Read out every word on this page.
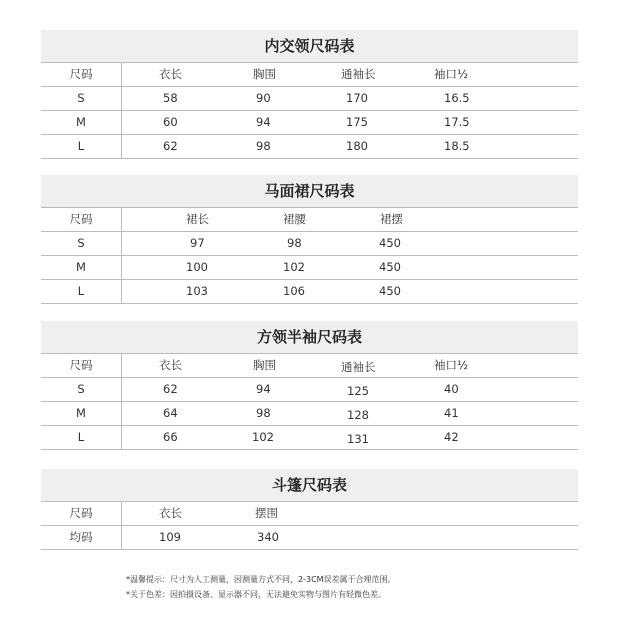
内交领尺码表
尺码	衣长	胸围	通袖长	袖口½
S	58	90	170	16.5
M	60	94	175	17.5
L	62	98	180	18.5
马面裙尺码表
尺码	裙长	裙腰	裙摆
S	97	98	450
M	100	102	450
L	103	106	450
方领半袖尺码表
尺码	衣长	胸围	通袖长	袖口½
S	62	94	125	40
M	64	98	128	41
L	66	102	131	42
斗篷尺码表
尺码	衣长	摆围
均码	109	340
*温馨提示：尺寸为人工测量，因测量方式不同，2-3CM误差属于合理范围。
*关于色差：因拍摄设备、显示器不同，无法避免实物与图片有轻微色差。
